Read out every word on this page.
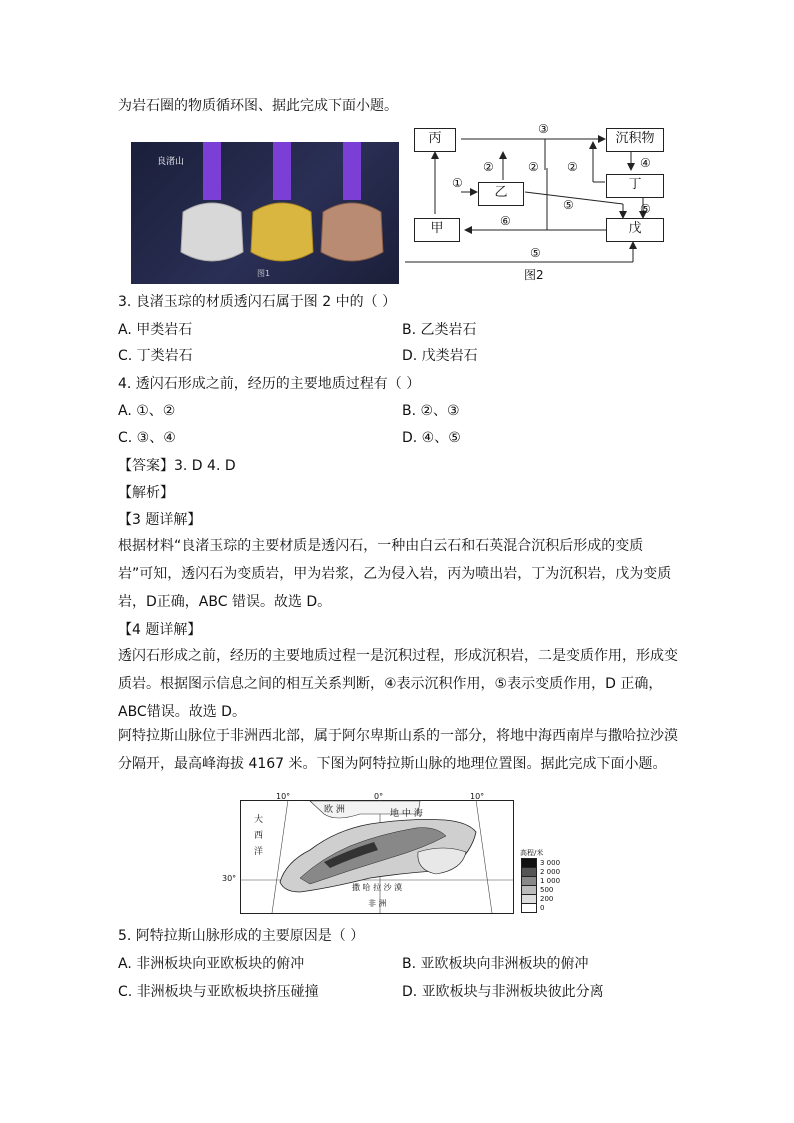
为岩石圈的物质循环图、据此完成下面小题。
良渚山
图1
丙	沉积物
乙
丁
甲	戊
③
④
①
②	② ②
⑤	⑤
⑤
⑥
图2
3. 良渚玉琮的材质透闪石属于图 2 中的（ ）
A. 甲类岩石	B. 乙类岩石
C. 丁类岩石	D. 戊类岩石
4. 透闪石形成之前，经历的主要地质过程有（ ）
A. ①、②	B. ②、③
C. ③、④	D. ④、⑤
【答案】3. D 4. D
【解析】
【3 题详解】
根据材料“良渚玉琮的主要材质是透闪石，一种由白云石和石英混合沉积后形成的变质岩”可知，透闪石为变质岩，甲为岩浆，乙为侵入岩，丙为喷出岩，丁为沉积岩，戊为变质岩，D正确，ABC 错误。故选 D。
【4 题详解】
透闪石形成之前，经历的主要地质过程一是沉积过程，形成沉积岩，二是变质作用，形成变质岩。根据图示信息之间的相互关系判断，④表示沉积作用，⑤表示变质作用，D 正确，ABC错误。故选 D。
阿特拉斯山脉位于非洲西北部，属于阿尔卑斯山系的一部分，将地中海西南岸与撒哈拉沙漠分隔开，最高峰海拔 4167 米。下图为阿特拉斯山脉的地理位置图。据此完成下面小题。
10°	0°	10°
30°
欧 洲	地 中 海
大
西
洋
撒 哈 拉 沙 漠
非 洲
高程/米
3 000
2 000
1 000
500
200
0
5. 阿特拉斯山脉形成的主要原因是（ ）
A. 非洲板块向亚欧板块的俯冲	B. 亚欧板块向非洲板块的俯冲
C. 非洲板块与亚欧板块挤压碰撞	D. 亚欧板块与非洲板块彼此分离
